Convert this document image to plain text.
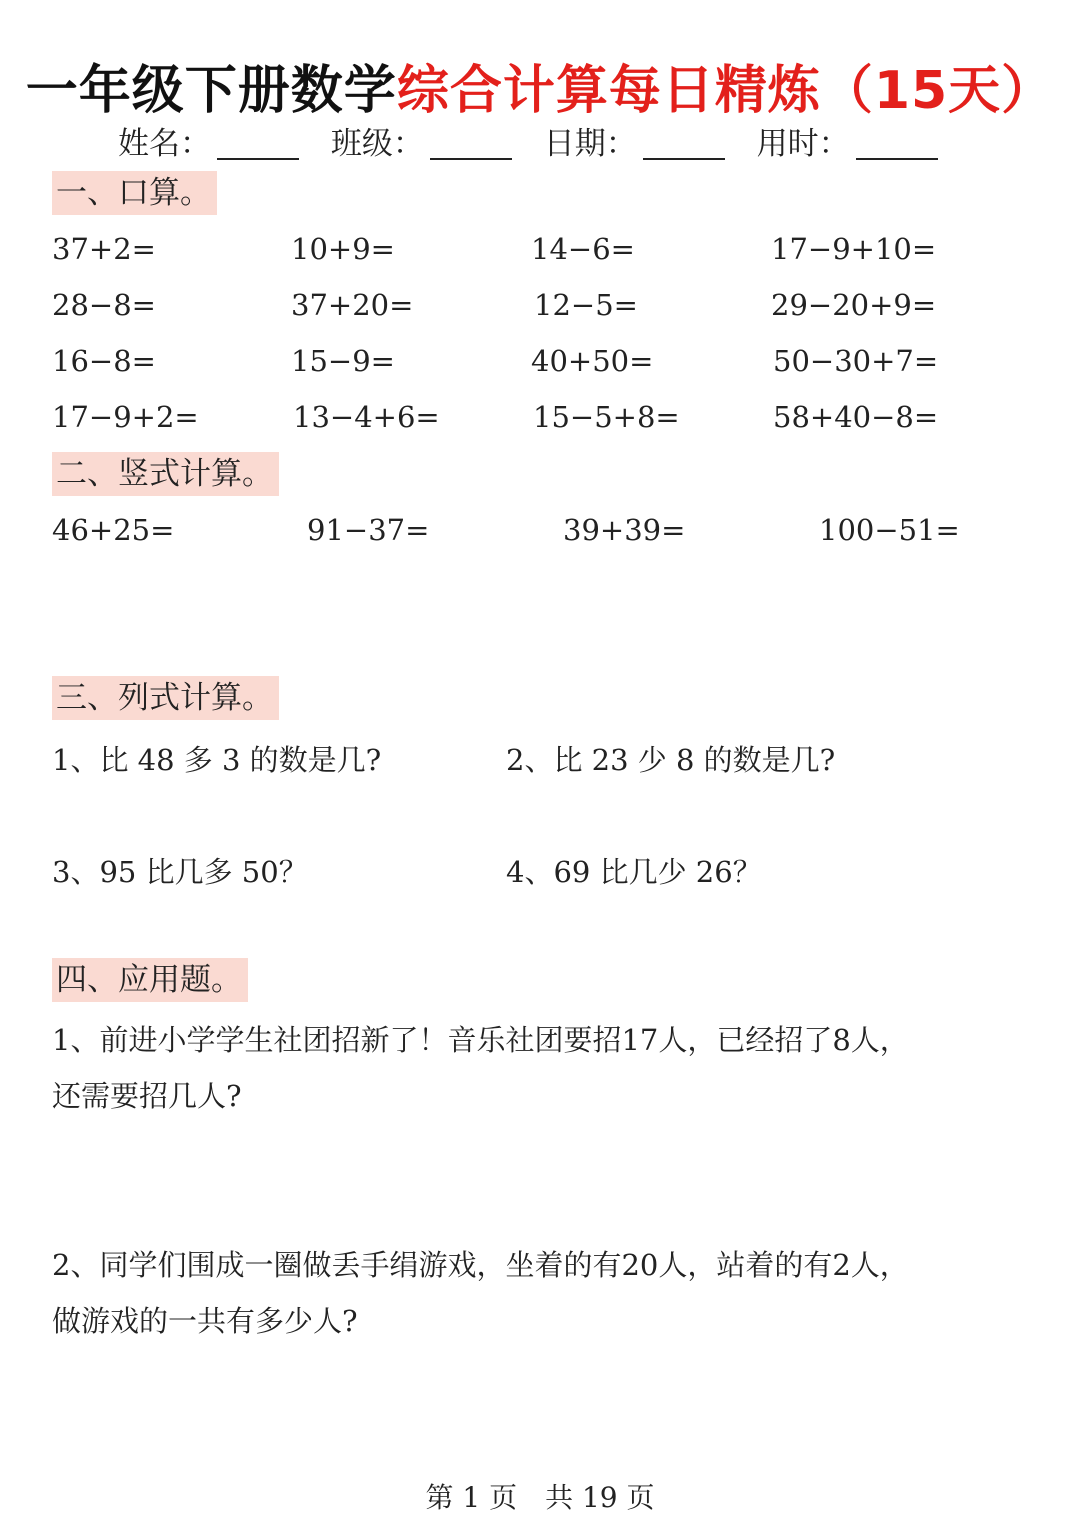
一年级下册数学综合计算每日精炼（15天）
姓名：	班级：	日期：	用时：
一、口算。
37+2=	10+9=	14−6=	17−9+10=
28−8=	37+20=	12−5=	29−20+9=
16−8=	15−9=	40+50=	50−30+7=
17−9+2=	13−4+6=	15−5+8=	58+40−8=
二、竖式计算。
46+25=	91−37=	39+39=	100−51=
三、列式计算。
1、比 48 多 3 的数是几?	2、比 23 少 8 的数是几?
3、95 比几多 50？	4、69 比几少 26？
四、应用题。
1、前进小学学生社团招新了！音乐社团要招17人，已经招了8人，
还需要招几人?
2、同学们围成一圈做丢手绢游戏，坐着的有20人，站着的有2人，
做游戏的一共有多少人?
第 1 页　共 19 页
